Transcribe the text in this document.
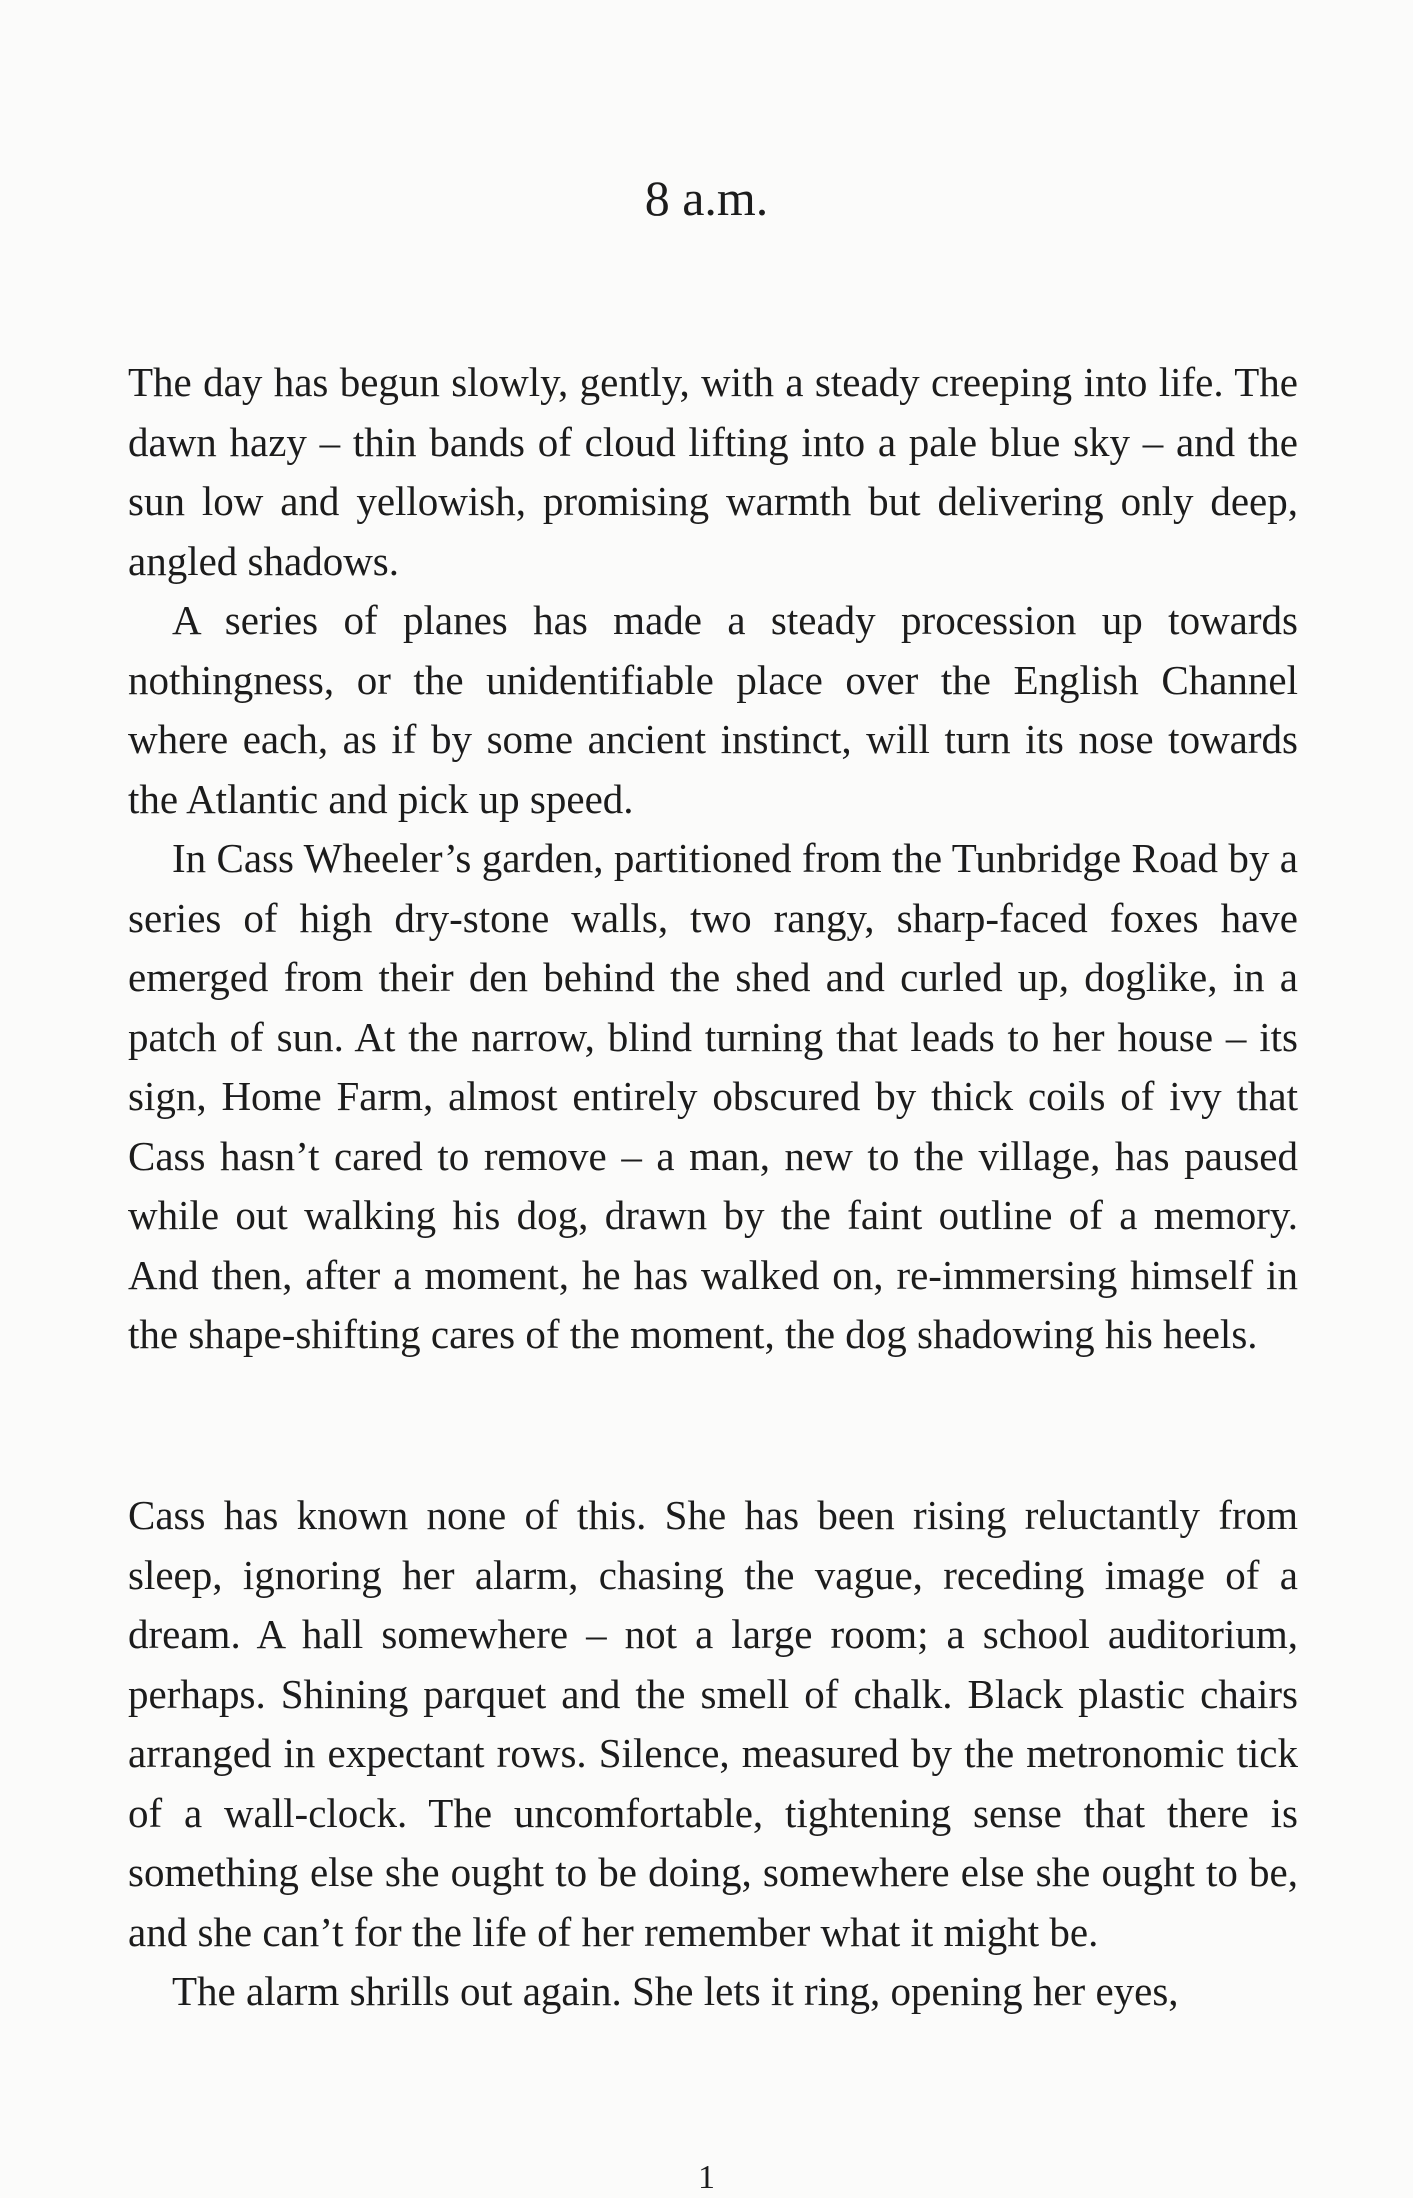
8 a.m.

The day has begun slowly, gently, with a steady creeping into life. The dawn hazy – thin bands of cloud lifting into a pale blue sky – and the sun low and yellowish, promising warmth but delivering only deep, angled shadows.

A series of planes has made a steady procession up towards nothingness, or the unidentifiable place over the English Channel where each, as if by some ancient instinct, will turn its nose towards the Atlantic and pick up speed.

In Cass Wheeler’s garden, partitioned from the Tunbridge Road by a series of high dry-stone walls, two rangy, sharp-faced foxes have emerged from their den behind the shed and curled up, doglike, in a patch of sun. At the narrow, blind turning that leads to her house – its sign, Home Farm, almost entirely obscured by thick coils of ivy that Cass hasn’t cared to remove – a man, new to the village, has paused while out walking his dog, drawn by the faint outline of a memory. And then, after a moment, he has walked on, re-immersing himself in the shape-shifting cares of the moment, the dog shadowing his heels.

Cass has known none of this. She has been rising reluctantly from sleep, ignoring her alarm, chasing the vague, receding image of a dream. A hall somewhere – not a large room; a school auditorium, perhaps. Shining parquet and the smell of chalk. Black plastic chairs arranged in expectant rows. Silence, measured by the metronomic tick of a wall-clock. The uncomfortable, tightening sense that there is something else she ought to be doing, somewhere else she ought to be, and she can’t for the life of her remember what it might be.

The alarm shrills out again. She lets it ring, opening her eyes,

1
